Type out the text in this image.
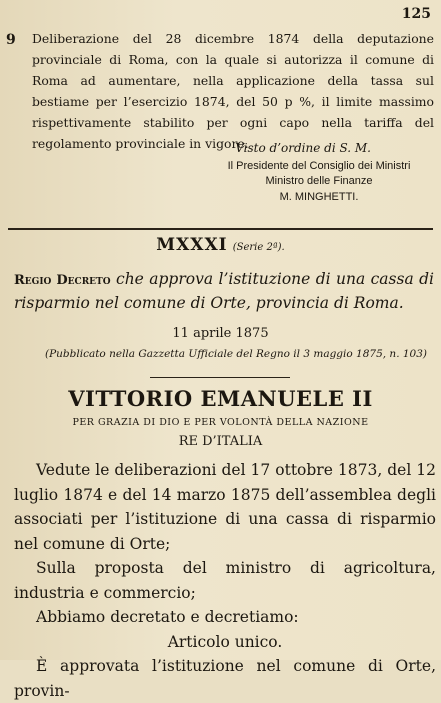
125
9 Deliberazione del 28 dicembre 1874 della deputazione provinciale di Roma, con la quale si autorizza il comune di Roma ad aumentare, nella applicazione della tassa sul bestiame per l’esercizio 1874, del 50 p %, il limite massimo rispettivamente stabilito per ogni capo nella tariffa del regolamento provinciale in vigore.
Visto d’ordine di S. M.
Il Presidente del Consiglio dei Ministri
Ministro delle Finanze
M. MINGHETTI.
MXXXI (Serie 2ª).
Regio Decreto che approva l’istituzione di una cassa di risparmio nel comune di Orte, provincia di Roma.
11 aprile 1875
(Pubblicato nella Gazzetta Ufficiale del Regno il 3 maggio 1875, n. 103)
VITTORIO EMANUELE II
PER GRAZIA DI DIO E PER VOLONTÀ DELLA NAZIONE
RE D’ITALIA

Vedute le deliberazioni del 17 ottobre 1873, del 12 luglio 1874 e del 14 marzo 1875 dell’assemblea degli associati per l’istituzione di una cassa di risparmio nel comune di Orte;

Sulla proposta del ministro di agricoltura, industria e commercio;

Abbiamo decretato e decretiamo:

Articolo unico.

È approvata l’istituzione nel comune di Orte, provin-
